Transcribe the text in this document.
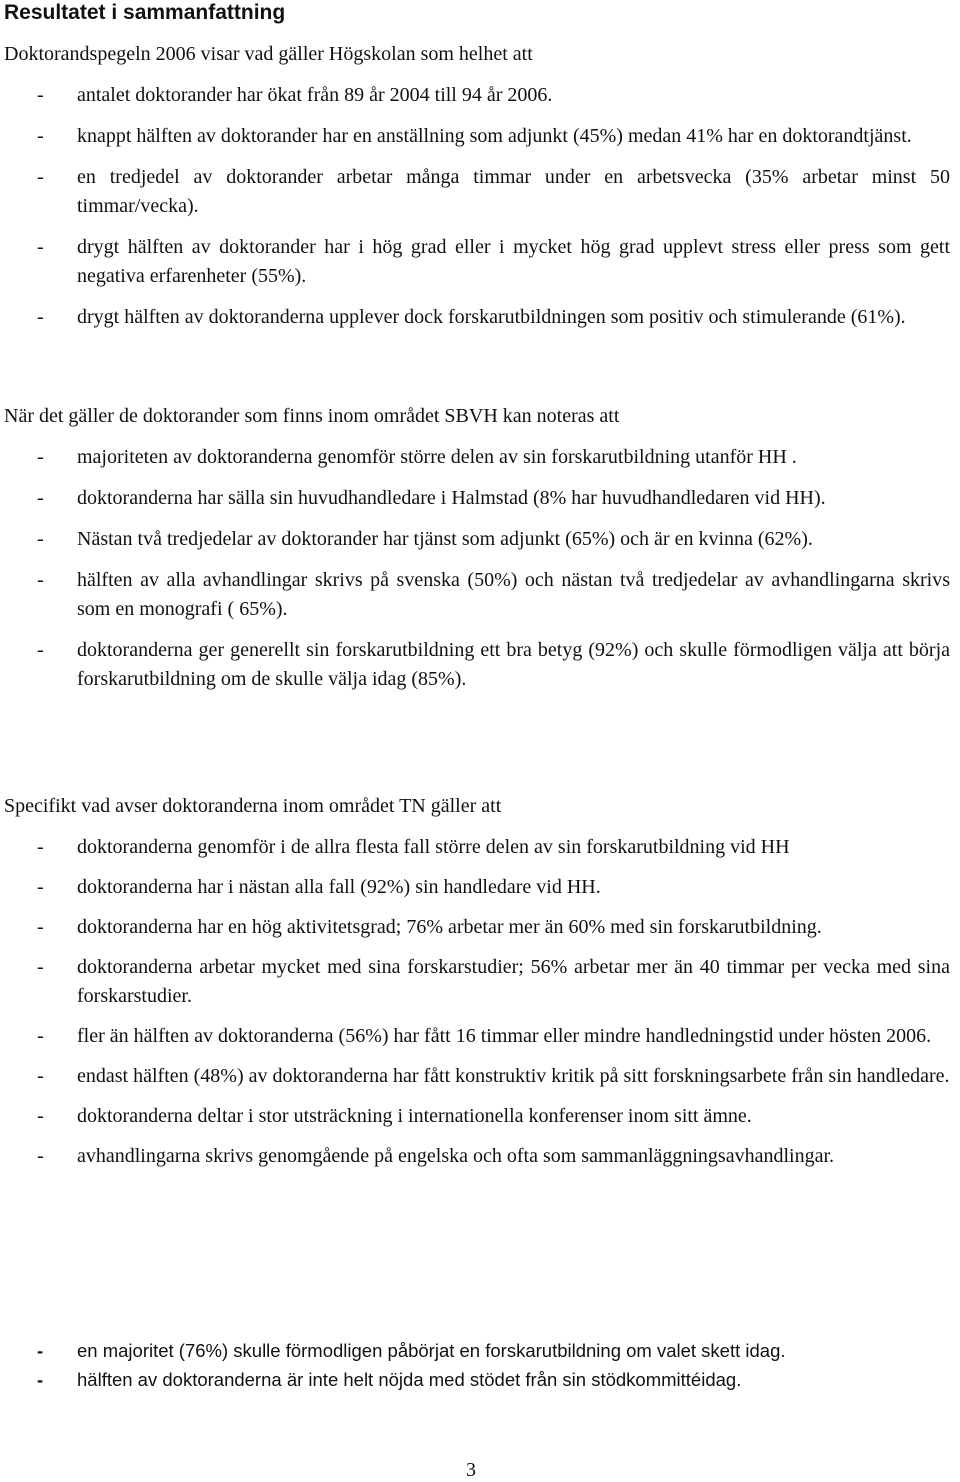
Resultatet i sammanfattning

Doktorandspegeln 2006 visar vad gäller Högskolan som helhet att

- antalet doktorander har ökat från 89 år 2004 till 94 år 2006.
- knappt hälften av doktorander har en anställning som adjunkt (45%) medan 41% har en doktorandtjänst.
- en tredjedel av doktorander arbetar många timmar under en arbetsvecka (35% arbetar minst 50 timmar/vecka).
- drygt hälften av doktorander har i hög grad eller i mycket hög grad upplevt stress eller press som gett negativa erfarenheter (55%).
- drygt hälften av doktoranderna upplever dock forskarutbildningen som positiv och stimulerande (61%).

När det gäller de doktorander som finns inom området SBVH kan noteras att

- majoriteten av doktoranderna genomför större delen av sin forskarutbildning utanför HH .
- doktoranderna har sälla sin huvudhandledare i Halmstad (8% har huvudhandledaren vid HH).
- Nästan två tredjedelar av doktorander har tjänst som adjunkt (65%) och är en kvinna (62%).
- hälften av alla avhandlingar skrivs på svenska (50%) och nästan två tredjedelar av avhandlingarna skrivs som en monografi ( 65%).
- doktoranderna ger generellt sin forskarutbildning ett bra betyg (92%) och skulle förmodligen välja att börja forskarutbildning om de skulle välja idag (85%).

Specifikt vad avser doktoranderna inom området TN gäller att

- doktoranderna genomför i de allra flesta fall större delen av sin forskarutbildning vid HH
- doktoranderna har i nästan alla fall (92%) sin handledare vid HH.
- doktoranderna har en hög aktivitetsgrad; 76% arbetar mer än 60% med sin forskarutbildning.
- doktoranderna arbetar mycket med sina forskarstudier; 56% arbetar mer än 40 timmar per vecka med sina forskarstudier.
- fler än hälften av doktoranderna (56%) har fått 16 timmar eller mindre handledningstid under hösten 2006.
- endast hälften (48%) av doktoranderna har fått konstruktiv kritik på sitt forskningsarbete från sin handledare.
- doktoranderna deltar i stor utsträckning i internationella konferenser inom sitt ämne.
- avhandlingarna skrivs genomgående på engelska och ofta som sammanläggningsavhandlingar.
- en majoritet (76%) skulle förmodligen påbörjat en forskarutbildning om valet skett idag.
- hälften av doktoranderna är inte helt nöjda med stödet från sin stödkommittéidag.
3
